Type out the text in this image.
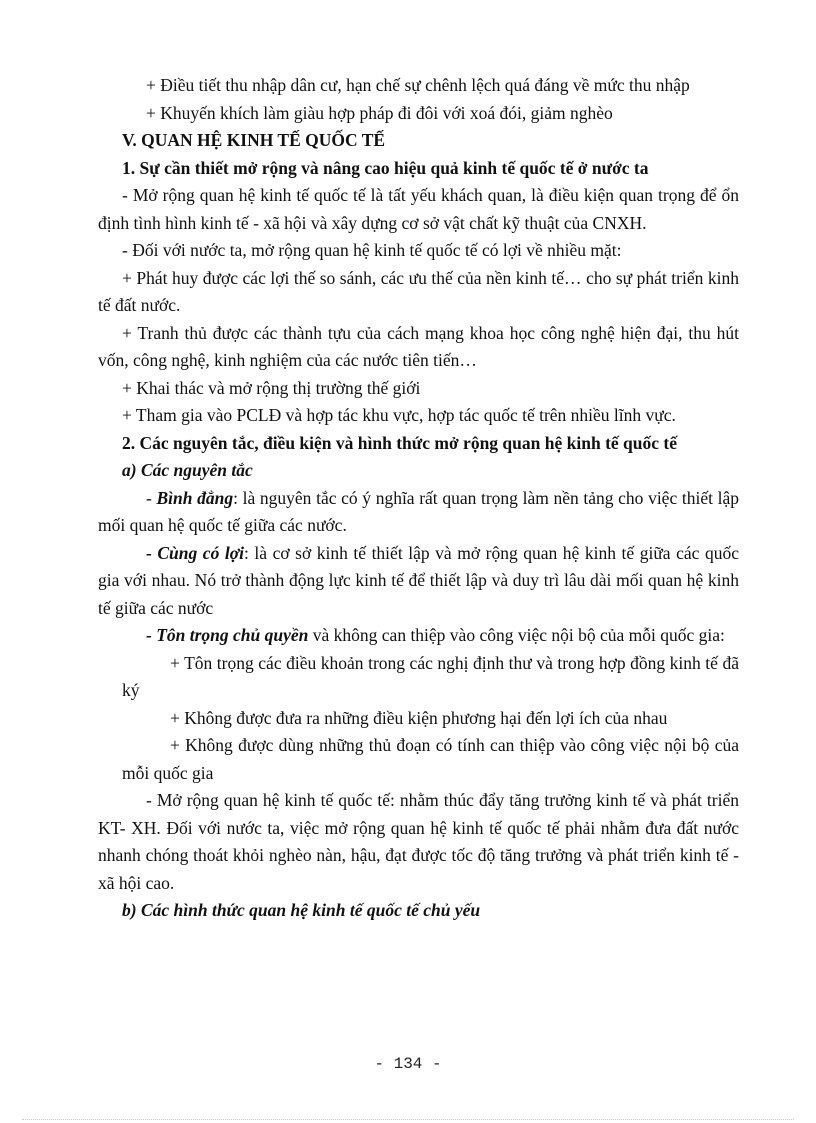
+ Điều tiết thu nhập dân cư, hạn chế sự chênh lệch quá đáng về mức thu nhập

+ Khuyến khích làm giàu hợp pháp đi đôi với xoá đói, giảm nghèo

V. QUAN HỆ KINH TẾ QUỐC TẾ

1. Sự cần thiết mở rộng và nâng cao hiệu quả kinh tế quốc tế ở nước ta

- Mở rộng quan hệ kinh tế quốc tế là tất yếu khách quan, là điều kiện quan trọng để ổn định tình hình kinh tế - xã hội và xây dựng cơ sở vật chất kỹ thuật của CNXH.

- Đối với nước ta, mở rộng quan hệ kinh tế quốc tế có lợi về nhiều mặt:

+ Phát huy được các lợi thế so sánh, các ưu thế của nền kinh tế… cho sự phát triển kinh tế đất nước.

+ Tranh thủ được các thành tựu của cách mạng khoa học công nghệ hiện đại, thu hút vốn, công nghệ, kinh nghiệm của các nước tiên tiến…

+ Khai thác và mở rộng thị trường thế giới

+ Tham gia vào PCLĐ và hợp tác khu vực, hợp tác quốc tế trên nhiều lĩnh vực.

2. Các nguyên tắc, điều kiện và hình thức mở rộng quan hệ kinh tế quốc tế

a) Các nguyên tắc

- Bình đẳng: là nguyên tắc có ý nghĩa rất quan trọng làm nền tảng cho việc thiết lập mối quan hệ quốc tế giữa các nước.

- Cùng có lợi: là cơ sở kinh tế thiết lập và mở rộng quan hệ kinh tế giữa các quốc gia với nhau. Nó trở thành động lực kinh tế để thiết lập và duy trì lâu dài mối quan hệ kinh tế giữa các nước

- Tôn trọng chủ quyền và không can thiệp vào công việc nội bộ của mỗi quốc gia:

+ Tôn trọng các điều khoản trong các nghị định thư và trong hợp đồng kinh tế đã ký

+ Không được đưa ra những điều kiện phương hại đến lợi ích của nhau

+ Không được dùng những thủ đoạn có tính can thiệp vào công việc nội bộ của mỗi quốc gia

- Mở rộng quan hệ kinh tế quốc tế: nhằm thúc đẩy tăng trưởng kinh tế và phát triển KT- XH. Đối với nước ta, việc mở rộng quan hệ kinh tế quốc tế phải nhằm đưa đất nước nhanh chóng thoát khỏi nghèo nàn, hậu, đạt được tốc độ tăng trưởng và phát triển kinh tế - xã hội cao.

b) Các hình thức quan hệ kinh tế quốc tế chủ yếu

- 134 -
